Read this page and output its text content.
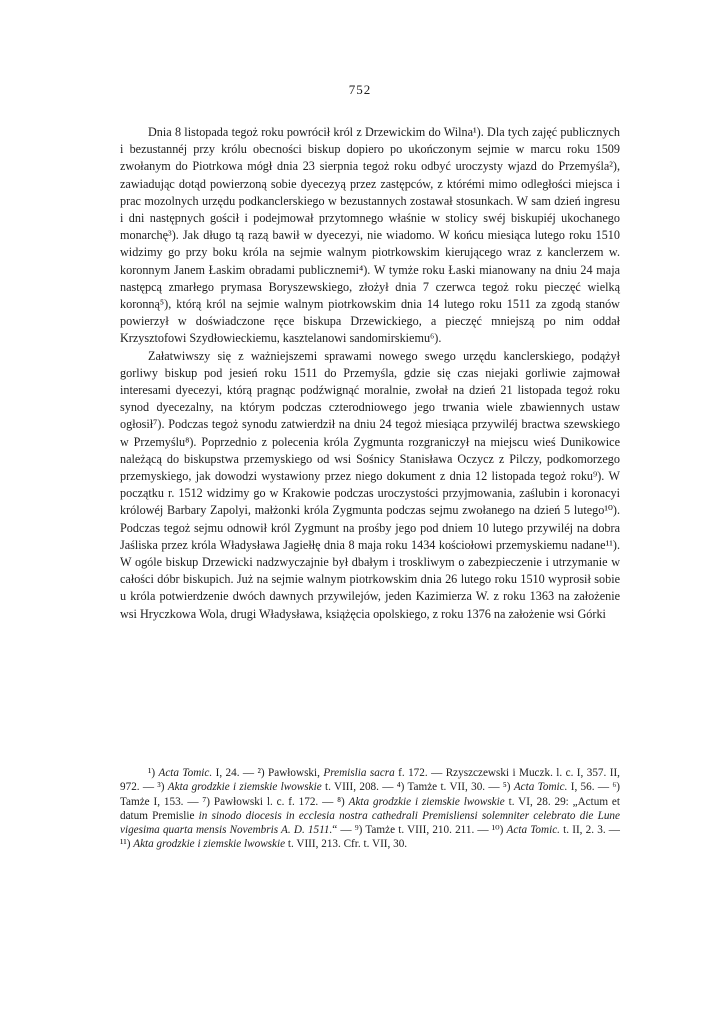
752

Dnia 8 listopada tegoż roku powrócił król z Drzewickim do Wilna¹). Dla tych zajęć publicznych i bezustannéj przy królu obecności biskup dopiero po ukończonym sejmie w marcu roku 1509 zwołanym do Piotrkowa mógł dnia 23 sierpnia tegoż roku odbyć uroczysty wjazd do Przemyśla²), zawiadując dotąd powierzoną sobie dyecezyą przez zastępców, z którémi mimo odległości miejsca i prac mozolnych urzędu podkanclerskiego w bezustannych zostawał stosunkach. W sam dzień ingresu i dni następnych gościł i podejmował przytomnego właśnie w stolicy swéj biskupiéj ukochanego monarchę³). Jak długo tą razą bawił w dyecezyi, nie wiadomo. W końcu miesiąca lutego roku 1510 widzimy go przy boku króla na sejmie walnym piotrkowskim kierującego wraz z kanclerzem w. koronnym Janem Łaskim obradami publicznemi⁴). W tymże roku Łaski mianowany na dniu 24 maja następcą zmarłego prymasa Boryszewskiego, złożył dnia 7 czerwca tegoż roku pieczęć wielką koronną⁵), którą król na sejmie walnym piotrkowskim dnia 14 lutego roku 1511 za zgodą stanów powierzył w doświadczone ręce biskupa Drzewickiego, a pieczęć mniejszą po nim oddał Krzysztofowi Szydłowieckiemu, kasztelanowi sandomirskiemu⁶).

Załatwiwszy się z ważniejszemi sprawami nowego swego urzędu kanclerskiego, podążył gorliwy biskup pod jesień roku 1511 do Przemyśla, gdzie się czas niejaki gorliwie zajmował interesami dyecezyi, którą pragnąc podźwignąć moralnie, zwołał na dzień 21 listopada tegoż roku synod dyecezalny, na którym podczas czterodniowego jego trwania wiele zbawiennych ustaw ogłosił⁷). Podczas tegoż synodu zatwierdził na dniu 24 tegoż miesiąca przywiléj bractwa szewskiego w Przemyślu⁸). Poprzednio z polecenia króla Zygmunta rozgraniczył na miejscu wieś Dunikowice należącą do biskupstwa przemyskiego od wsi Sośnicy Stanisława Oczycz z Pilczy, podkomorzego przemyskiego, jak dowodzi wystawiony przez niego dokument z dnia 12 listopada tegoż roku⁹). W początku r. 1512 widzimy go w Krakowie podczas uroczystości przyjmowania, zaślubin i koronacyi królowéj Barbary Zapolyi, małżonki króla Zygmunta podczas sejmu zwołanego na dzień 5 lutego¹⁰). Podczas tegoż sejmu odnowił król Zygmunt na prośby jego pod dniem 10 lutego przywiléj na dobra Jaśliska przez króla Władysława Jagiełłę dnia 8 maja roku 1434 kościołowi przemyskiemu nadane¹¹). W ogóle biskup Drzewicki nadzwyczajnie był dbałym i troskliwym o zabezpieczenie i utrzymanie w całości dóbr biskupich. Już na sejmie walnym piotrkowskim dnia 26 lutego roku 1510 wyprosił sobie u króla potwierdzenie dwóch dawnych przywilejów, jeden Kazimierza W. z roku 1363 na założenie wsi Hryczkowa Wola, drugi Władysława, książęcia opolskiego, z roku 1376 na założenie wsi Górki

¹) Acta Tomic. I, 24. — ²) Pawłowski, Premislia sacra f. 172. — Rzyszczewski i Muczk. l. c. I, 357. II, 972. — ³) Akta grodzkie i ziemskie lwowskie t. VIII, 208. — ⁴) Tamże t. VII, 30. — ⁵) Acta Tomic. I, 56. — ⁶) Tamże I, 153. — ⁷) Pawłowski l. c. f. 172. — ⁸) Akta grodzkie i ziemskie lwowskie t. VI, 28. 29: „Actum et datum Premislie in sinodo diocesis in ecclesia nostra cathedrali Premisliensi solemniter celebrato die Lune vigesima quarta mensis Novembris A. D. 1511.“ — ⁹) Tamże t. VIII, 210. 211. — ¹⁰) Acta Tomic. t. II, 2. 3. — ¹¹) Akta grodzkie i ziemskie lwowskie t. VIII, 213. Cfr. t. VII, 30.
